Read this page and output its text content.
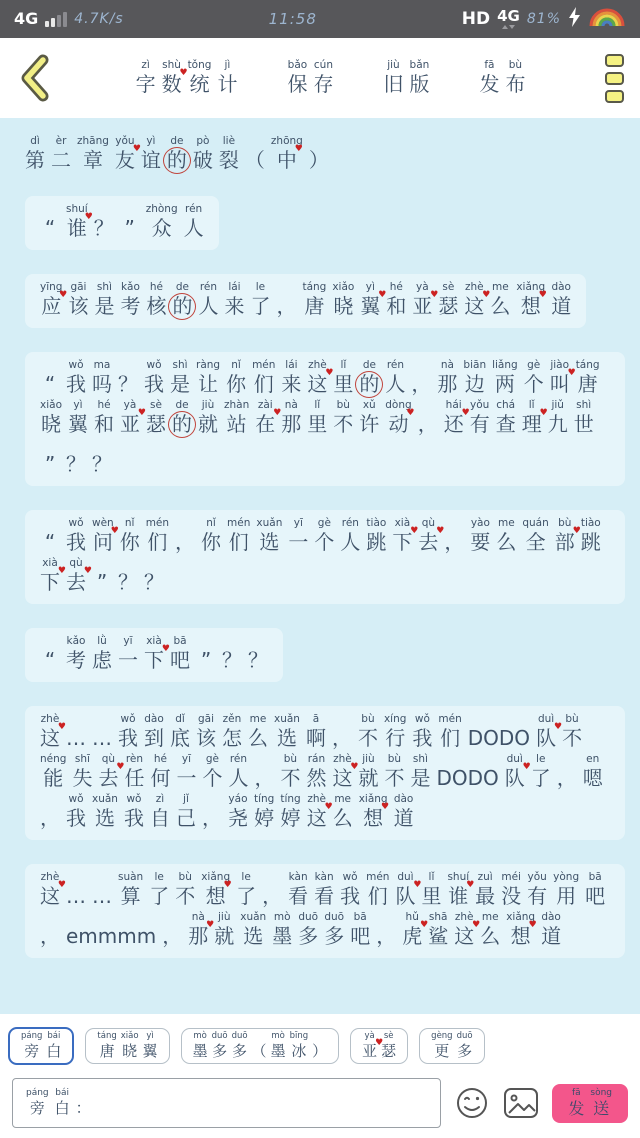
4G	4.7K/s	11:58	HD 4G 81%
zì
字
shù
♥ 数
tǒng
统
jì
计
bǎo
保
cún
存
jiù
旧
bǎn
版
fā
发
bù
布
dì
第
èr
二
zhāng
章
yǒu
♥ 友
yì
谊
de
的
pò
破
liè
裂
（
zhōng
♥ 中
）

“
shuí
♥ 谁
？
”
zhòng
众
rén
人
yīng
♥ 应
gāi
该
shì
是
kǎo
考
hé
核
de
的
rén
人
lái
来
le
了
，
táng
唐
xiǎo
晓
yì
♥ 翼
hé
和
yà
♥ 亚
sè
瑟
zhè
♥ 这
me
么
xiǎng
♥ 想
dào
道

“
wǒ
我
ma
吗
？
wǒ
我
shì
是
ràng
让
nǐ
你
mén
们
lái
来
zhè
♥ 这
lǐ
里
de
的
rén
人
，
nà
那
biān
边
liǎng
两
gè
个
jiào
♥ 叫
táng
唐
xiǎo
晓
yì
翼
hé
和
yà
♥ 亚
sè
瑟
de
的
jiù
就
zhàn
站
zài
♥ 在
nà
那
lǐ
里
bù
不
xǔ
许
dòng
♥ 动
，
hái
♥ 还
yǒu
有
chá
查
lǐ
♥ 理
jiǔ
九
shì
世

”
？
？

“
wǒ
我
wèn
♥ 问
nǐ
你
mén
们
，
nǐ
你
mén
们
xuǎn
选
yī
一
gè
个
rén
人
tiào
跳
xià
♥ 下
qù
♥ 去
，
yào
要
me
么
quán
全
bù
♥ 部
tiào
跳
xià
♥ 下
qù
♥ 去
”
？
？

“
kǎo
考
lǜ
虑
yī
一
xià
♥ 下
bā
吧
”
？
？
zhè
♥ 这
…
…
wǒ
我
dào
到
dǐ
底
gāi
该
zěn
怎
me
么
xuǎn
选
ā
啊
，
bù
不
xíng
行
wǒ
我
mén
们
DODO
duì
♥ 队
bù
不
néng
能
shī
失
qù
♥ 去
rèn
任
hé
何
yī
一
gè
个
rén
人
，
bù
不
rán
然
zhè
♥ 这
jiù
就
bù
不
shì
是
DODO
duì
♥ 队
le
了
，
en
嗯

，
wǒ
我
xuǎn
选
wǒ
我
zì
自
jǐ
己
，
yáo
尧
tíng
婷
tíng
婷
zhè
♥ 这
me
么
xiǎng
♥ 想
dào
道
zhè
♥ 这
…
…
suàn
算
le
了
bù
不
xiǎng
♥ 想
le
了
，
kàn
看
kàn
看
wǒ
我
mén
们
duì
♥ 队
lǐ
里
shuí
♥ 谁
zuì
最
méi
没
yǒu
有
yòng
用
bā
吧

，
emmmm
，
nà
♥ 那
jiù
就
xuǎn
选
mò
墨
duō
多
duō
多
bā
吧
，
hǔ
♥ 虎
shā
鲨
zhè
♥ 这
me
么
xiǎng
♥ 想
dào
道
páng
旁
bái
白
táng
唐
xiǎo
晓
yì
翼
mò
墨
duō
多
duō
多
（
mò
墨
bīng
冰
）
yà
♥ 亚
sè
瑟
gèng
更
duō
多
páng
旁
bái
白
：
fā
发
sòng
送
